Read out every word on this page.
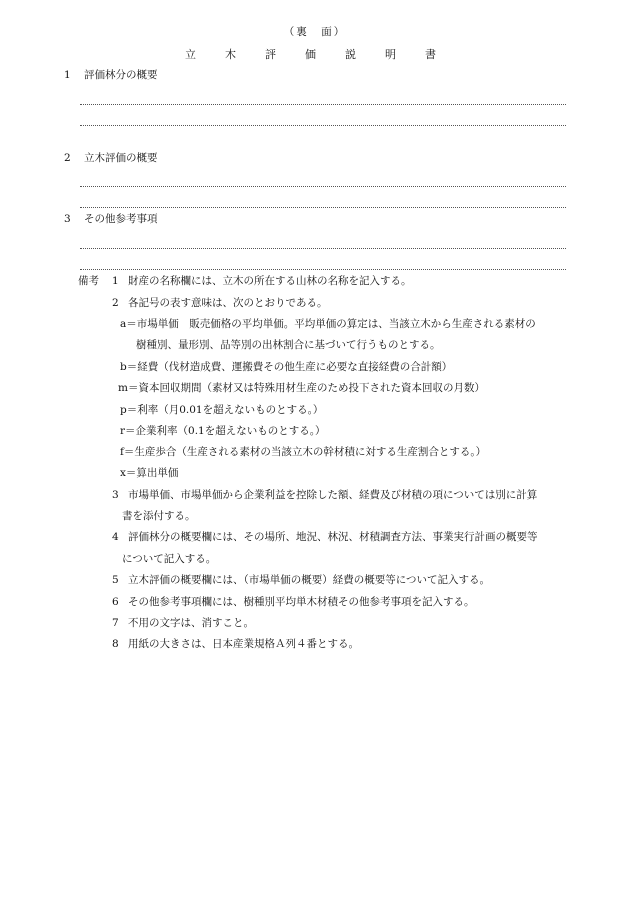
（裏　面）
立　木　評　価　説　明　書
1 評価林分の概要
2 立木評価の概要
3 その他参考事項
備考 1 財産の名称欄には、立木の所在する山林の名称を記入する。
2 各記号の表す意味は、次のとおりである。
a＝市場単価　販売価格の平均単価。平均単価の算定は、当該立木から生産される素材の
樹種別、量形別、品等別の出林割合に基づいて行うものとする。
b＝経費（伐材造成費、運搬費その他生産に必要な直接経費の合計額）
m＝資本回収期間（素材又は特殊用材生産のため投下された資本回収の月数）
p＝利率（月0.01を超えないものとする。）
r＝企業利率（0.1を超えないものとする。）
f＝生産歩合（生産される素材の当該立木の幹材積に対する生産割合とする。）
x＝算出単価
3 市場単価、市場単価から企業利益を控除した額、経費及び材積の項については別に計算
書を添付する。
4 評価林分の概要欄には、その場所、地況、林況、材積調査方法、事業実行計画の概要等
について記入する。
5 立木評価の概要欄には、（市場単価の概要）経費の概要等について記入する。
6 その他参考事項欄には、樹種別平均単木材積その他参考事項を記入する。
7 不用の文字は、消すこと。
8 用紙の大きさは、日本産業規格Ａ列４番とする。
